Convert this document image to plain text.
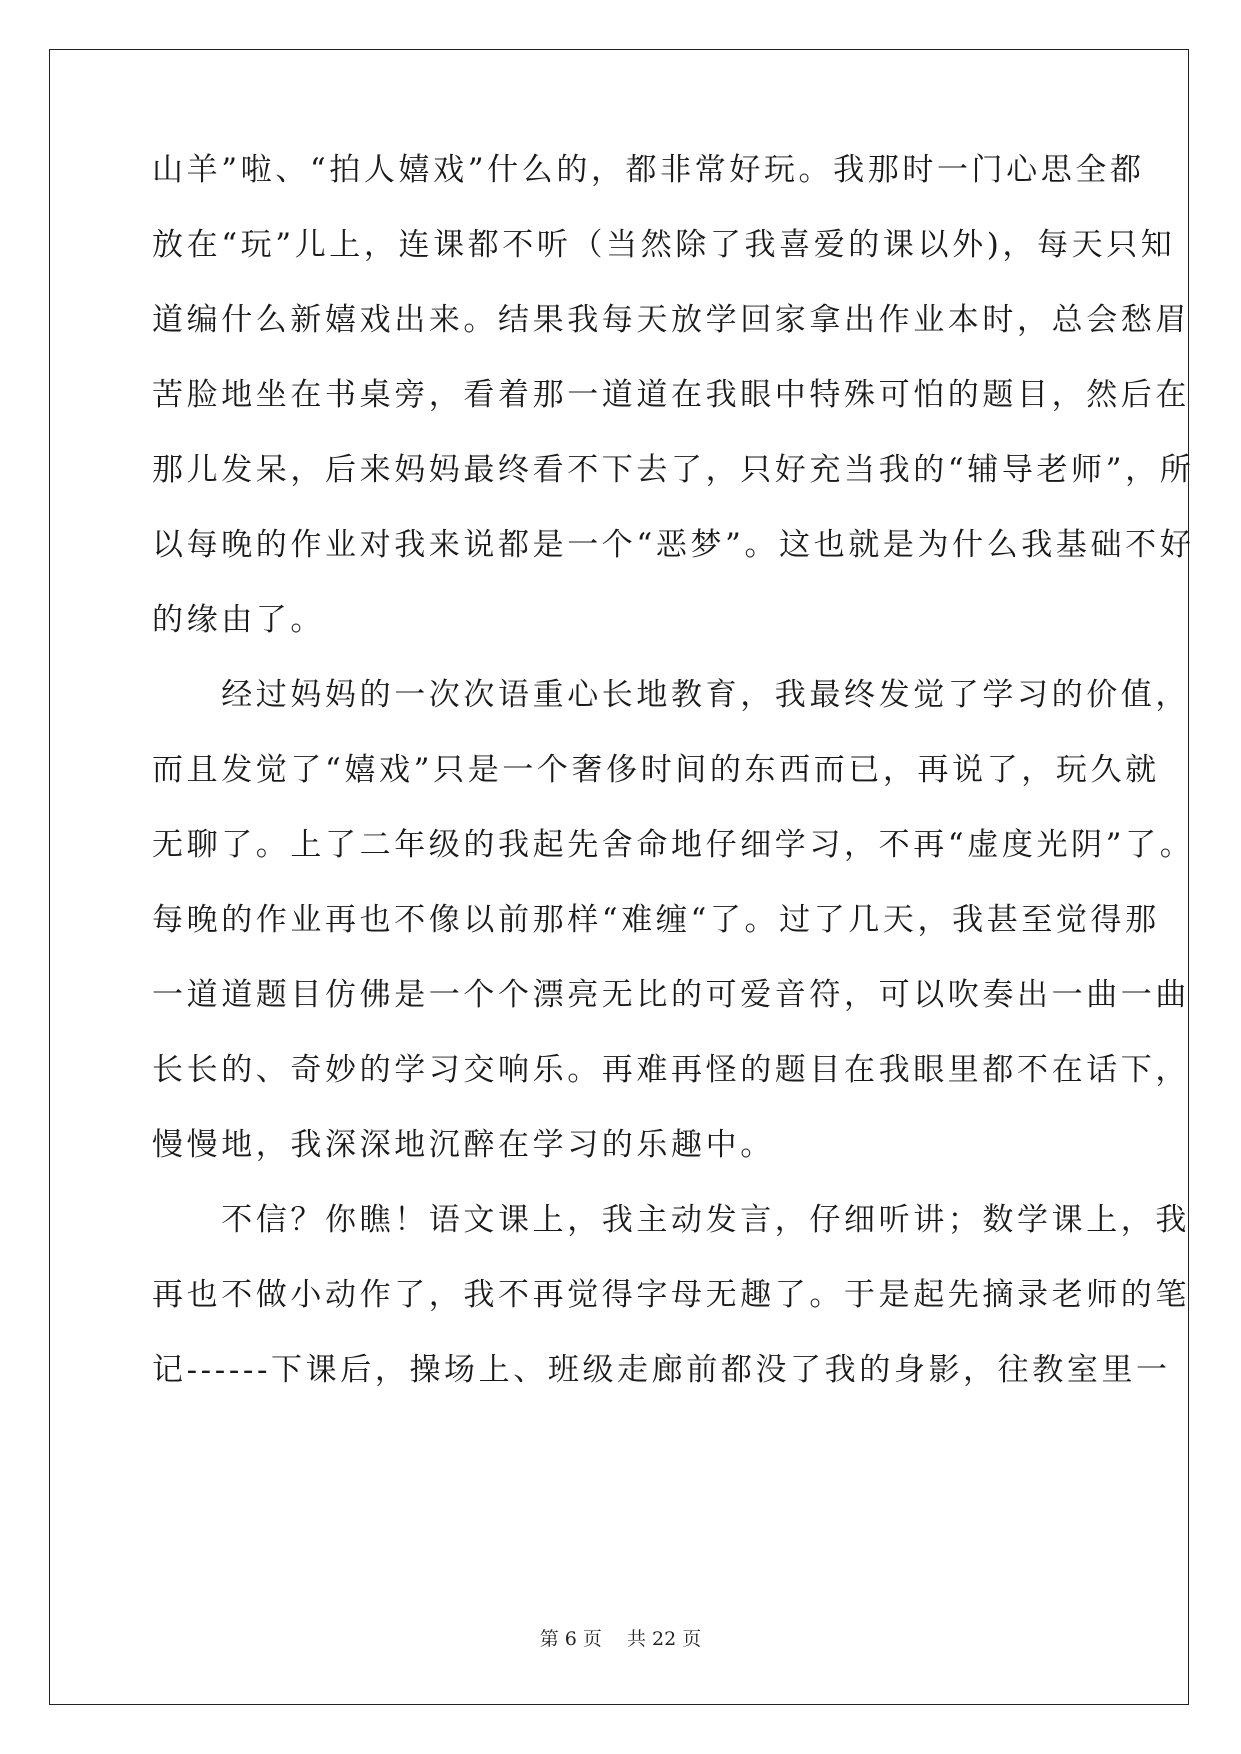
山羊”啦、“拍人嬉戏”什么的，都非常好玩。我那时一门心思全都
放在“玩”儿上，连课都不听（当然除了我喜爱的课以外)，每天只知
道编什么新嬉戏出来。结果我每天放学回家拿出作业本时，总会愁眉
苦脸地坐在书桌旁，看着那一道道在我眼中特殊可怕的题目，然后在
那儿发呆，后来妈妈最终看不下去了，只好充当我的“辅导老师”，所
以每晚的作业对我来说都是一个“恶梦”。这也就是为什么我基础不好
的缘由了。
　　经过妈妈的一次次语重心长地教育，我最终发觉了学习的价值，
而且发觉了“嬉戏”只是一个奢侈时间的东西而已，再说了，玩久就
无聊了。上了二年级的我起先舍命地仔细学习，不再“虚度光阴”了。
每晚的作业再也不像以前那样“难缠“了。过了几天，我甚至觉得那
一道道题目仿佛是一个个漂亮无比的可爱音符，可以吹奏出一曲一曲
长长的、奇妙的学习交响乐。再难再怪的题目在我眼里都不在话下，
慢慢地，我深深地沉醉在学习的乐趣中。
　　不信？你瞧！语文课上，我主动发言，仔细听讲；数学课上，我
再也不做小动作了，我不再觉得字母无趣了。于是起先摘录老师的笔
记------下课后，操场上、班级走廊前都没了我的身影，往教室里一
第 6 页　 共 22 页
